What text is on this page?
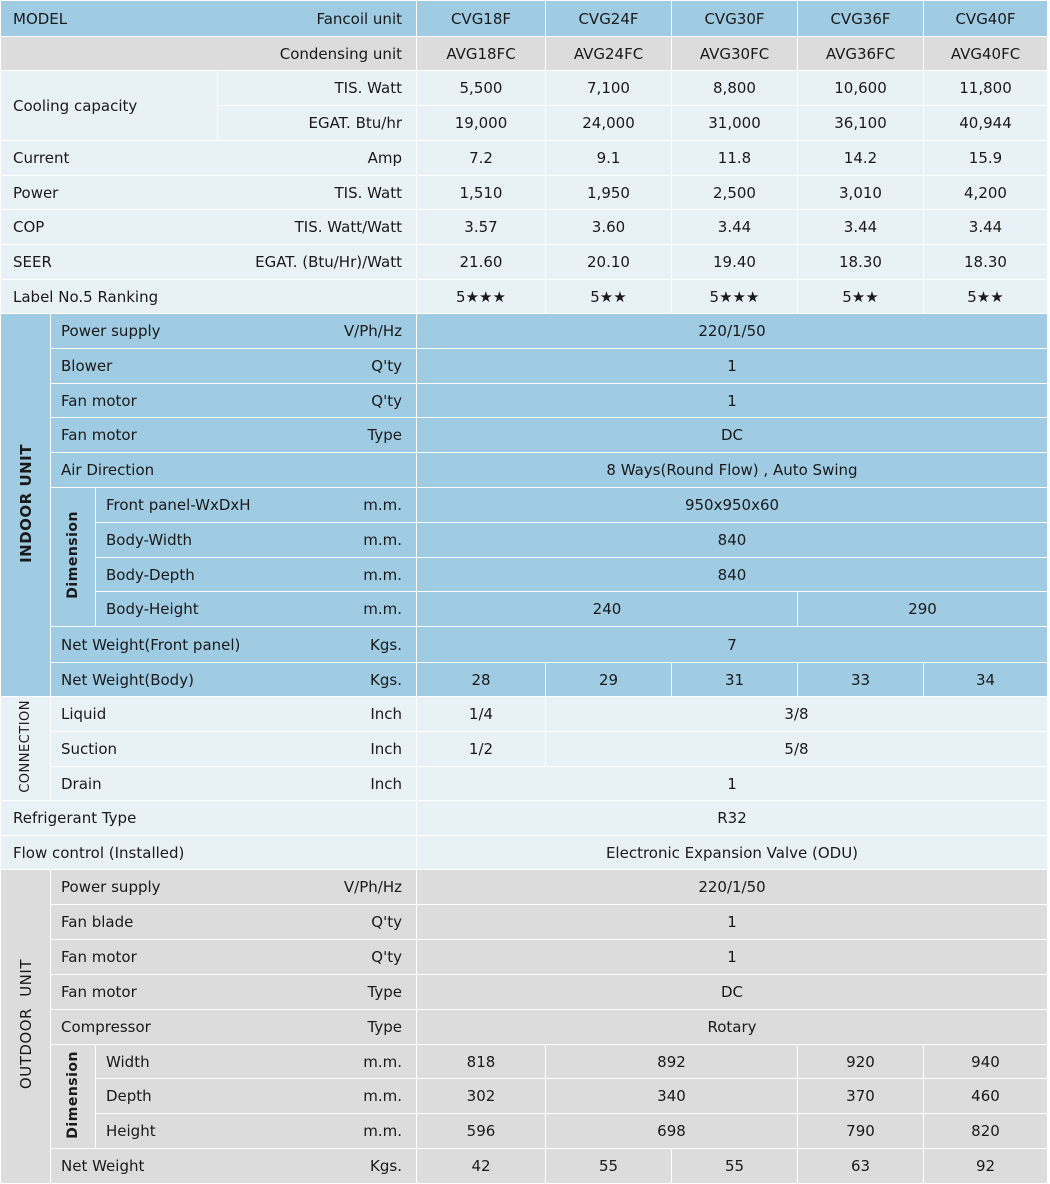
MODEL Fancoil unit				CVG18F	CVG24F	CVG30F	CVG36F	CVG40F

Condensing unit				AVG18FC	AVG24FC	AVG30FC	AVG36FC	AVG40FC
Cooling capacity			TIS. Watt	5,500	7,100	8,800	10,600	11,800

			EGAT. Btu/hr	19,000	24,000	31,000	36,100	40,944

Current Amp				7.2	9.1	11.8	14.2	15.9

Power TIS. Watt				1,510	1,950	2,500	3,010	4,200

COP TIS. Watt/Watt				3.57	3.60	3.44	3.44	3.44

SEER EGAT. (Btu/Hr)/Watt				21.60	20.10	19.40	18.30	18.30

Label No.5 Ranking				5★★★	5★★	5★★★	5★★	5★★
INDOOR UNIT	Power supply V/Ph/Hz			220/1/50				

	Blower Q'ty			1				

	Fan motor Q'ty			1				

	Fan motor Type			DC				

	Air Direction			8 Ways(Round Flow) , Auto Swing				
	Dimension	Front panel-WxDxH m.m.		950x950x60				

		Body-Width m.m.		840				

		Body-Depth m.m.		840				

		Body-Height m.m.		240			290	

	Net Weight(Front panel) Kgs.			7				

	Net Weight(Body) Kgs.			28	29	31	33	34
CONNECTION	Liquid Inch			1/4	3/8			

	Suction Inch			1/2	5/8			

	Drain Inch			1				

Refrigerant Type				R32				

Flow control (Installed)				Electronic Expansion Valve (ODU)				
OUTDOOR UNIT	Power supply V/Ph/Hz			220/1/50				

	Fan blade Q'ty			1				

	Fan motor Q'ty			1				

	Fan motor Type			DC				

	Compressor Type			Rotary				
	Dimension	Width m.m.		818	892		920	940

		Depth m.m.		302	340		370	460

		Height m.m.		596	698		790	820

	Net Weight Kgs.			42	55	55	63	92
